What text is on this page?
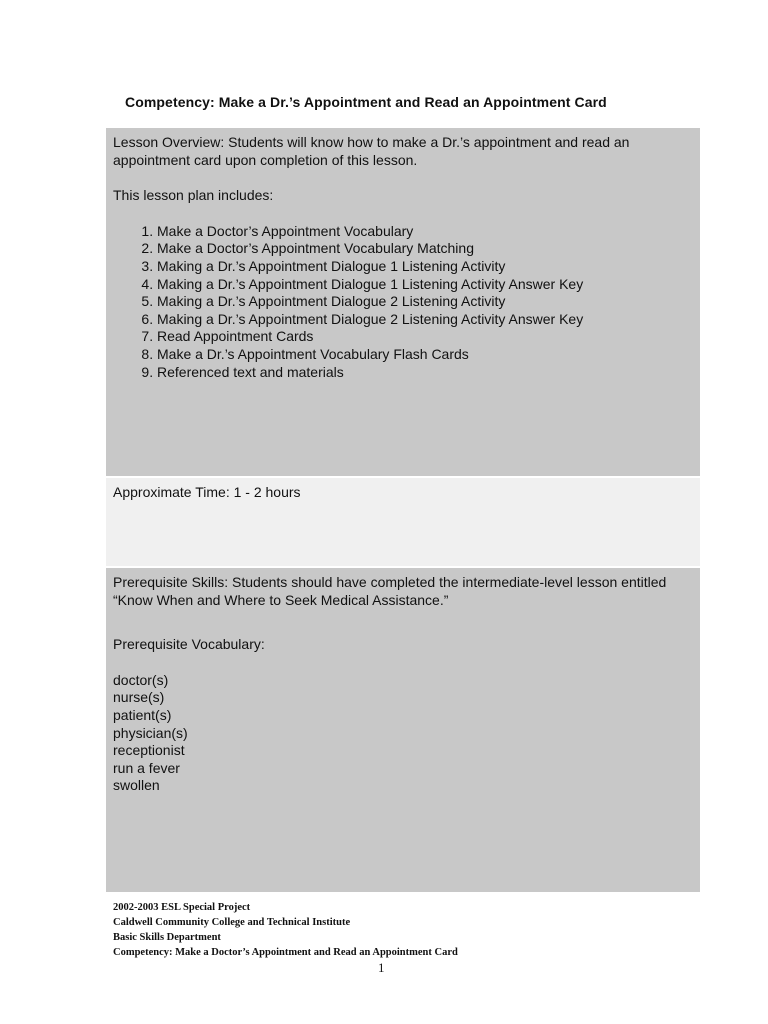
Competency: Make a Dr.’s Appointment and Read an Appointment Card

Lesson Overview: Students will know how to make a Dr.’s appointment and read an appointment card upon completion of this lesson.

This lesson plan includes:

1. Make a Doctor’s Appointment Vocabulary
2. Make a Doctor’s Appointment Vocabulary Matching
3. Making a Dr.’s Appointment Dialogue 1 Listening Activity
4. Making a Dr.’s Appointment Dialogue 1 Listening Activity Answer Key
5. Making a Dr.’s Appointment Dialogue 2 Listening Activity
6. Making a Dr.’s Appointment Dialogue 2 Listening Activity Answer Key
7. Read Appointment Cards
8. Make a Dr.’s Appointment Vocabulary Flash Cards
9. Referenced text and materials

Approximate Time: 1 - 2 hours

Prerequisite Skills: Students should have completed the intermediate-level lesson entitled “Know When and Where to Seek Medical Assistance.”

Prerequisite Vocabulary:

doctor(s)
nurse(s)
patient(s)
physician(s)
receptionist
run a fever
swollen
2002-2003 ESL Special Project
Caldwell Community College and Technical Institute
Basic Skills Department
Competency: Make a Doctor’s Appointment and Read an Appointment Card
1
